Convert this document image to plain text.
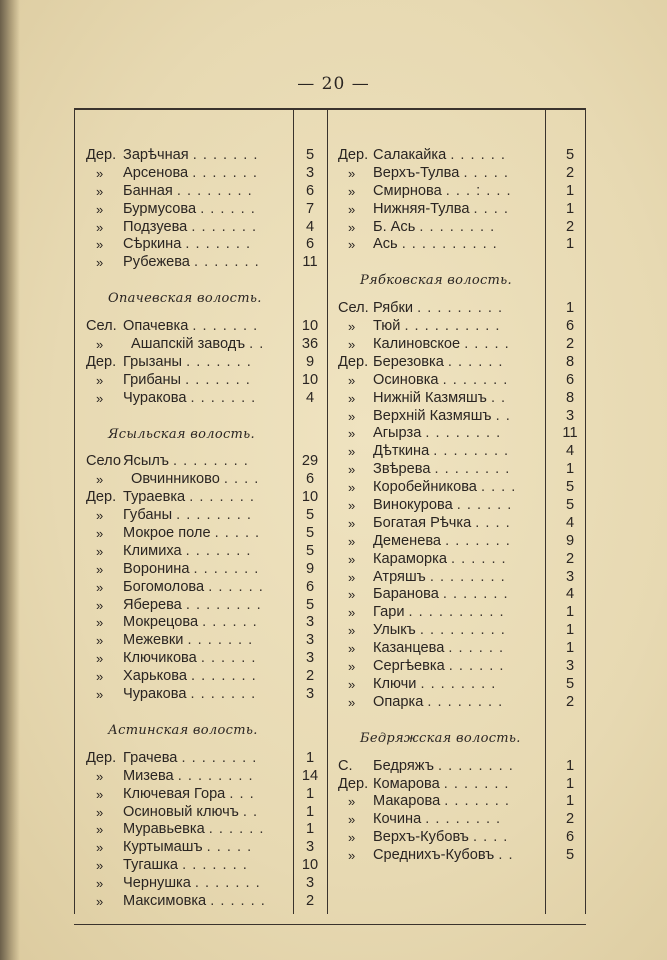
— 20 —
Дер. Зарѣчная . . . . . . .	5
» Арсенова . . . . . . .	3
» Банная . . . . . . . .	6
» Бурмусова . . . . . .	7
» Подзуева . . . . . . .	4
» Сѣркина . . . . . . .	6
» Рубежева . . . . . . .	11
Опачевская волость.
Сел. Опачевка . . . . . . .	10
» Ашапскій заводъ . .	36
Дер. Грызаны . . . . . . .	9
» Грибаны . . . . . . .	10
» Чуракова . . . . . . .	4
Ясыльская волость.
Село Ясылъ . . . . . . . .	29
» Овчинниково . . . .	6
Дер. Тураевка . . . . . . .	10
» Губаны . . . . . . . .	5
» Мокрое поле . . . . .	5
» Климиха . . . . . . .	5
» Воронина . . . . . . .	9
» Богомолова . . . . . .	6
» Яберева . . . . . . . .	5
» Мокрецова . . . . . .	3
» Межевки . . . . . . .	3
» Ключикова . . . . . .	3
» Харькова . . . . . . .	2
» Чуракова . . . . . . .	3
Астинская волость.
Дер. Грачева . . . . . . . .	1
» Мизева . . . . . . . .	14
» Ключевая Гора . . .	1
» Осиновый ключъ . .	1
» Муравьевка . . . . . .	1
» Куртымашъ . . . . .	3
» Тугашка . . . . . . .	10
» Чернушка . . . . . . .	3
» Максимовка . . . . . .	2
Дер. Салакайка . . . . . .	5
» Верхъ-Тулва . . . . .	2
» Смирнова . . . : . . .	1
» Нижняя-Тулва . . . .	1
» Б. Ась . . . . . . . .	2
» Ась . . . . . . . . . .	1
Рябковская волость.
Сел. Рябки . . . . . . . . .	1
» Тюй . . . . . . . . . .	6
» Калиновское . . . . .	2
Дер. Березовка . . . . . .	8
» Осиновка . . . . . . .	6
» Нижній Казмяшъ . .	8
» Верхній Казмяшъ . .	3
» Агырза . . . . . . . .	11
» Дѣткина . . . . . . . .	4
» Звѣрева . . . . . . . .	1
» Коробейникова . . . .	5
» Винокурова . . . . . .	5
» Богатая Рѣчка . . . .	4
» Деменева . . . . . . .	9
» Караморка . . . . . .	2
» Атряшъ . . . . . . . .	3
» Баранова . . . . . . .	4
» Гари . . . . . . . . . .	1
» Улыкъ . . . . . . . . .	1
» Казанцева . . . . . .	1
» Сергѣевка . . . . . .	3
» Ключи . . . . . . . .	5
» Опарка . . . . . . . .	2
Бедряжская волость.
С. Бедряжъ . . . . . . . .	1
Дер. Комарова . . . . . . .	1
» Макарова . . . . . . .	1
» Кочина . . . . . . . .	2
» Верхъ-Кубовъ . . . .	6
» Среднихъ-Кубовъ . .	5
